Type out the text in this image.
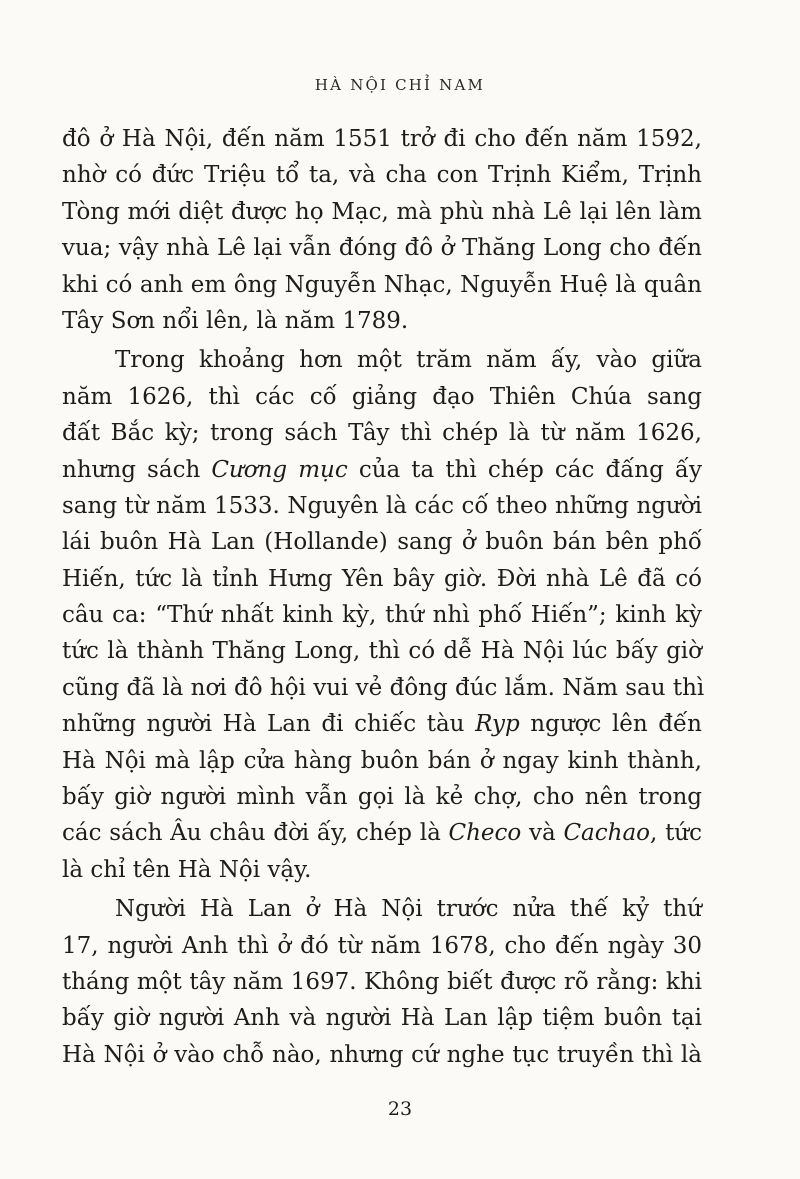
HÀ NỘI CHỈ NAM
đô ở Hà Nội, đến năm 1551 trở đi cho đến năm 1592,
nhờ có đức Triệu tổ ta, và cha con Trịnh Kiểm, Trịnh
Tòng mới diệt được họ Mạc, mà phù nhà Lê lại lên làm
vua; vậy nhà Lê lại vẫn đóng đô ở Thăng Long cho đến
khi có anh em ông Nguyễn Nhạc, Nguyễn Huệ là quân
Tây Sơn nổi lên, là năm 1789.
Trong khoảng hơn một trăm năm ấy, vào giữa
năm 1626, thì các cố giảng đạo Thiên Chúa sang
đất Bắc kỳ; trong sách Tây thì chép là từ năm 1626,
nhưng sách Cương mục của ta thì chép các đấng ấy
sang từ năm 1533. Nguyên là các cố theo những người
lái buôn Hà Lan (Hollande) sang ở buôn bán bên phố
Hiến, tức là tỉnh Hưng Yên bây giờ. Đời nhà Lê đã có
câu ca: “Thứ nhất kinh kỳ, thứ nhì phố Hiến”; kinh kỳ
tức là thành Thăng Long, thì có dễ Hà Nội lúc bấy giờ
cũng đã là nơi đô hội vui vẻ đông đúc lắm. Năm sau thì
những người Hà Lan đi chiếc tàu Ryp ngược lên đến
Hà Nội mà lập cửa hàng buôn bán ở ngay kinh thành,
bấy giờ người mình vẫn gọi là kẻ chợ, cho nên trong
các sách Âu châu đời ấy, chép là Checo và Cachao, tức
là chỉ tên Hà Nội vậy.
Người Hà Lan ở Hà Nội trước nửa thế kỷ thứ
17, người Anh thì ở đó từ năm 1678, cho đến ngày 30
tháng một tây năm 1697. Không biết được rõ rằng: khi
bấy giờ người Anh và người Hà Lan lập tiệm buôn tại
Hà Nội ở vào chỗ nào, nhưng cứ nghe tục truyền thì là
23
